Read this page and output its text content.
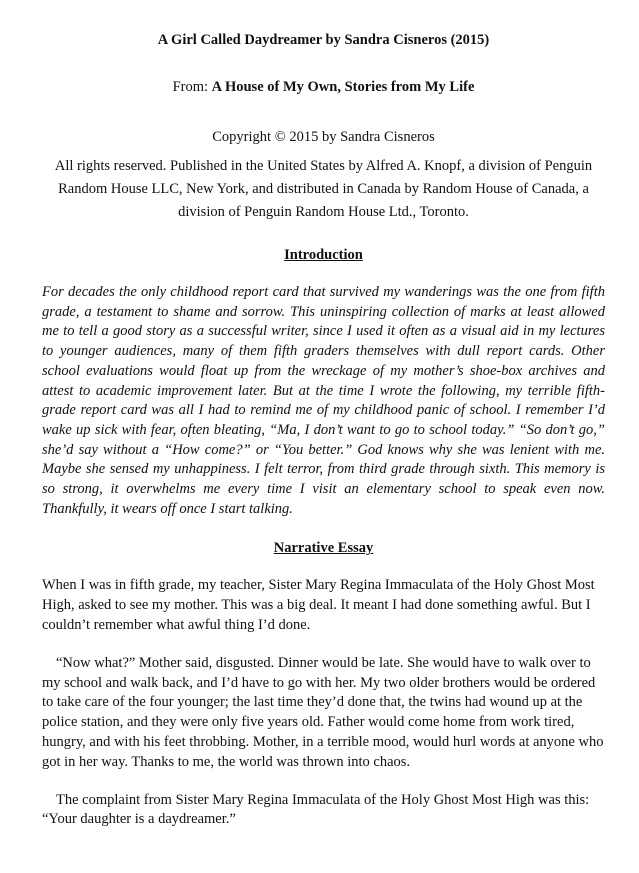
A Girl Called Daydreamer by Sandra Cisneros (2015)
From: A House of My Own, Stories from My Life
Copyright © 2015 by Sandra Cisneros
All rights reserved. Published in the United States by Alfred A. Knopf, a division of Penguin Random House LLC, New York, and distributed in Canada by Random House of Canada, a division of Penguin Random House Ltd., Toronto.
Introduction
For decades the only childhood report card that survived my wanderings was the one from fifth grade, a testament to shame and sorrow. This uninspiring collection of marks at least allowed me to tell a good story as a successful writer, since I used it often as a visual aid in my lectures to younger audiences, many of them fifth graders themselves with dull report cards. Other school evaluations would float up from the wreckage of my mother’s shoe-box archives and attest to academic improvement later. But at the time I wrote the following, my terrible fifth-grade report card was all I had to remind me of my childhood panic of school. I remember I’d wake up sick with fear, often bleating, “Ma, I don’t want to go to school today.” “So don’t go,” she’d say without a “How come?” or “You better.” God knows why she was lenient with me. Maybe she sensed my unhappiness. I felt terror, from third grade through sixth. This memory is so strong, it overwhelms me every time I visit an elementary school to speak even now. Thankfully, it wears off once I start talking.
Narrative Essay
When I was in fifth grade, my teacher, Sister Mary Regina Immaculata of the Holy Ghost Most High, asked to see my mother. This was a big deal. It meant I had done something awful. But I couldn’t remember what awful thing I’d done.
“Now what?” Mother said, disgusted. Dinner would be late. She would have to walk over to my school and walk back, and I’d have to go with her. My two older brothers would be ordered to take care of the four younger; the last time they’d done that, the twins had wound up at the police station, and they were only five years old. Father would come home from work tired, hungry, and with his feet throbbing. Mother, in a terrible mood, would hurl words at anyone who got in her way. Thanks to me, the world was thrown into chaos.
The complaint from Sister Mary Regina Immaculata of the Holy Ghost Most High was this: “Your daughter is a daydreamer.”
